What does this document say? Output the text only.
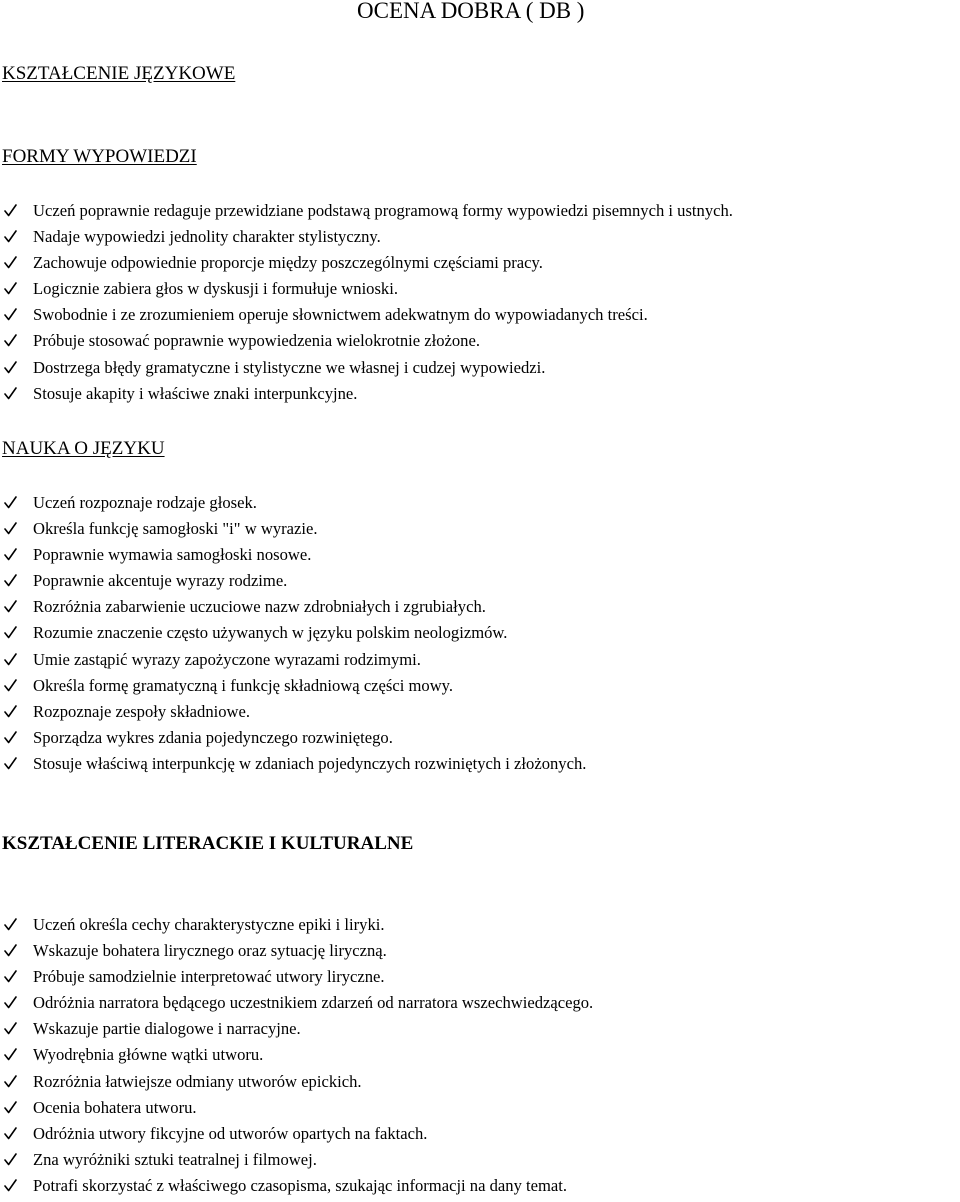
OCENA DOBRA ( DB )
KSZTAŁCENIE JĘZYKOWE
FORMY WYPOWIEDZI
Uczeń poprawnie redaguje przewidziane podstawą programową formy wypowiedzi pisemnych i ustnych.
Nadaje wypowiedzi jednolity charakter stylistyczny.
Zachowuje odpowiednie proporcje między poszczególnymi częściami pracy.
Logicznie zabiera głos w dyskusji i formułuje wnioski.
Swobodnie i ze zrozumieniem operuje słownictwem adekwatnym do wypowiadanych treści.
Próbuje stosować poprawnie wypowiedzenia wielokrotnie złożone.
Dostrzega błędy gramatyczne i stylistyczne we własnej i cudzej wypowiedzi.
Stosuje akapity i właściwe znaki interpunkcyjne.
NAUKA O JĘZYKU
Uczeń rozpoznaje rodzaje głosek.
Określa funkcję samogłoski "i" w wyrazie.
Poprawnie wymawia samogłoski nosowe.
Poprawnie akcentuje wyrazy rodzime.
Rozróżnia zabarwienie uczuciowe nazw zdrobniałych i zgrubiałych.
Rozumie znaczenie często używanych w języku polskim neologizmów.
Umie zastąpić wyrazy zapożyczone wyrazami rodzimymi.
Określa formę gramatyczną i funkcję składniową części mowy.
Rozpoznaje zespoły składniowe.
Sporządza wykres zdania pojedynczego rozwiniętego.
Stosuje właściwą interpunkcję w zdaniach pojedynczych rozwiniętych i złożonych.
KSZTAŁCENIE LITERACKIE I KULTURALNE
Uczeń określa cechy charakterystyczne epiki i liryki.
Wskazuje bohatera lirycznego oraz sytuację liryczną.
Próbuje samodzielnie interpretować utwory liryczne.
Odróżnia narratora będącego uczestnikiem zdarzeń od narratora wszechwiedzącego.
Wskazuje partie dialogowe i narracyjne.
Wyodrębnia główne wątki utworu.
Rozróżnia łatwiejsze odmiany utworów epickich.
Ocenia bohatera utworu.
Odróżnia utwory fikcyjne od utworów opartych na faktach.
Zna wyróżniki sztuki teatralnej i filmowej.
Potrafi skorzystać z właściwego czasopisma, szukając informacji na dany temat.
